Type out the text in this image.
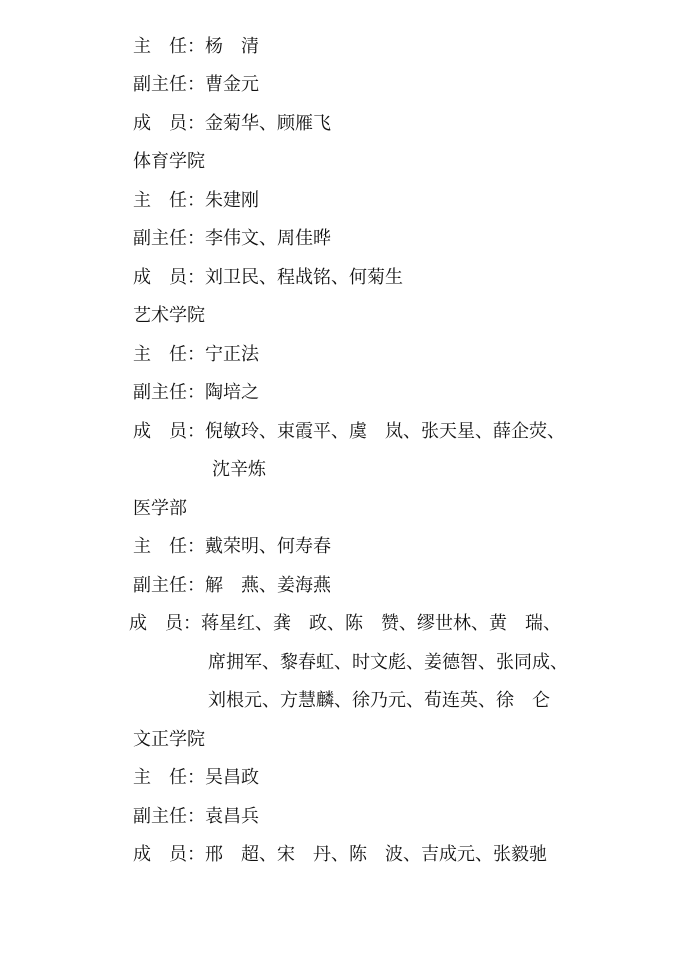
主　任：杨　清
副主任：曹金元
成　员：金菊华、顾雁飞
体育学院
主　任：朱建刚
副主任：李伟文、周佳晔
成　员：刘卫民、程战铭、何菊生
艺术学院
主　任：宁正法
副主任：陶培之
成　员：倪敏玲、束霞平、虞　岚、张天星、薛企荧、
沈辛炼
医学部
主　任：戴荣明、何寿春
副主任：解　燕、姜海燕
成　员：蒋星红、龚　政、陈　赞、缪世林、黄　瑞、
席拥军、黎春虹、时文彪、姜德智、张同成、
刘根元、方慧麟、徐乃元、荀连英、徐　仑
文正学院
主　任：吴昌政
副主任：袁昌兵
成　员：邢　超、宋　丹、陈　波、吉成元、张毅驰
